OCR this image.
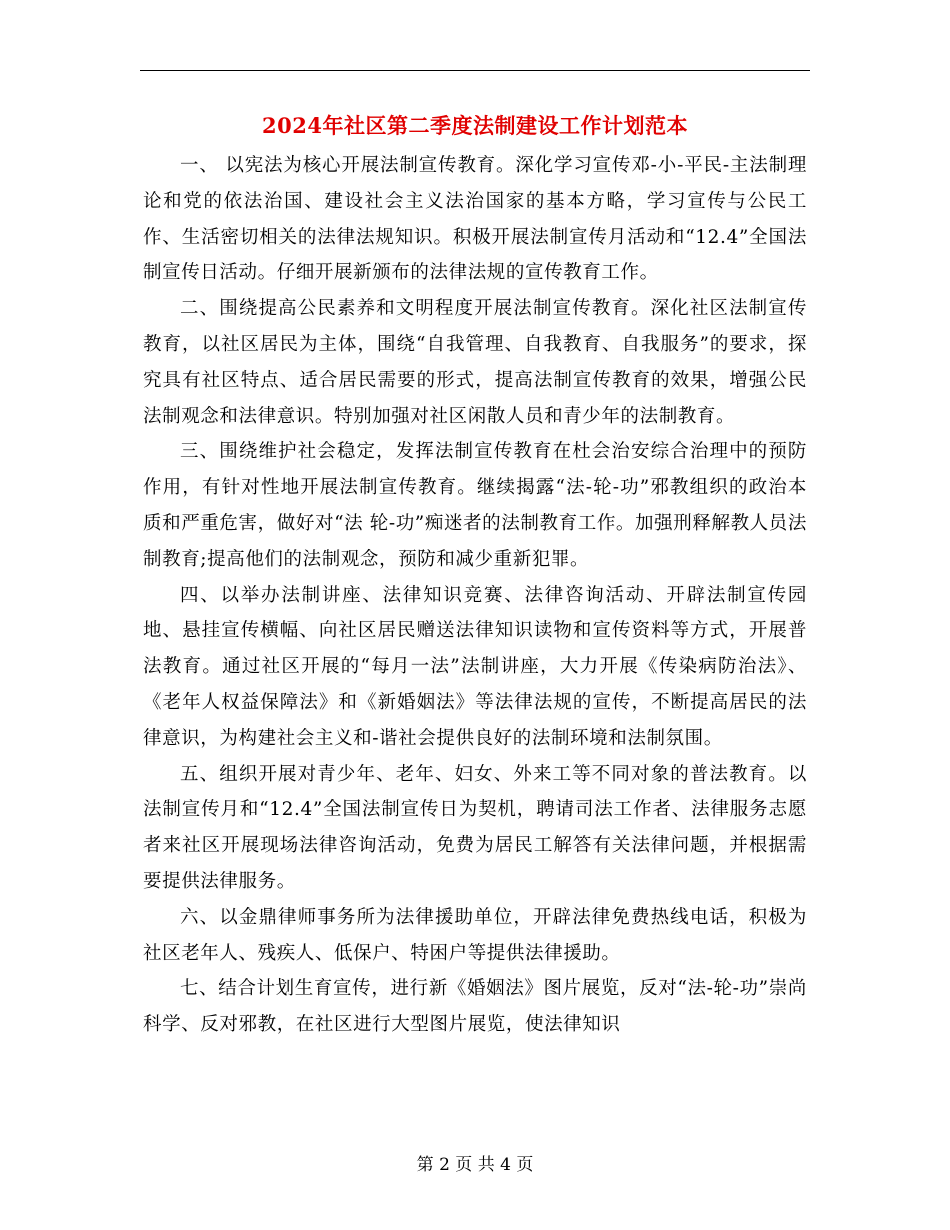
2024年社区第二季度法制建设工作计划范本

一、 以宪法为核心开展法制宣传教育。深化学习宣传邓-小-平民-主法制理论和党的依法治国、建设社会主义法治国家的基本方略，学习宣传与公民工作、生活密切相关的法律法规知识。积极开展法制宣传月活动和“12.4”全国法制宣传日活动。仔细开展新颁布的法律法规的宣传教育工作。

二、围绕提高公民素养和文明程度开展法制宣传教育。深化社区法制宣传教育，以社区居民为主体，围绕“自我管理、自我教育、自我服务”的要求，探究具有社区特点、适合居民需要的形式，提高法制宣传教育的效果，增强公民法制观念和法律意识。特别加强对社区闲散人员和青少年的法制教育。

三、围绕维护社会稳定，发挥法制宣传教育在杜会治安综合治理中的预防作用，有针对性地开展法制宣传教育。继续揭露“法-轮-功”邪教组织的政治本质和严重危害，做好对“法 轮-功”痴迷者的法制教育工作。加强刑释解教人员法制教育;提高他们的法制观念，预防和减少重新犯罪。

四、以举办法制讲座、法律知识竞赛、法律咨询活动、开辟法制宣传园地、悬挂宣传横幅、向社区居民赠送法律知识读物和宣传资料等方式，开展普法教育。通过社区开展的“每月一法”法制讲座，大力开展《传染病防治法》、《老年人权益保障法》和《新婚姻法》等法律法规的宣传，不断提高居民的法律意识，为构建社会主义和-谐社会提供良好的法制环境和法制氛围。

五、组织开展对青少年、老年、妇女、外来工等不同对象的普法教育。以法制宣传月和“12.4”全国法制宣传日为契机，聘请司法工作者、法律服务志愿者来社区开展现场法律咨询活动，免费为居民工解答有关法律问题，并根据需要提供法律服务。

六、以金鼎律师事务所为法律援助单位，开辟法律免费热线电话，积极为社区老年人、残疾人、低保户、特困户等提供法律援助。

七、结合计划生育宣传，进行新《婚姻法》图片展览，反对“法-轮-功”崇尚科学、反对邪教，在社区进行大型图片展览，使法律知识

第 2 页 共 4 页
